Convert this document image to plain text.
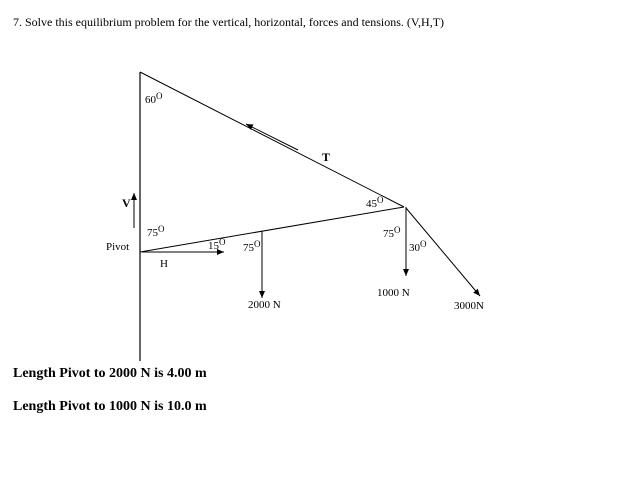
7. Solve this equilibrium problem for the vertical, horizontal, forces and tensions. (V,H,T)
Pivot
V
H
T
$60^O$
$75^O$
$15^O$ $75^O$
$45^O$
$75^O$
$30^O$
2000 N
1000 N
3000N
Length Pivot to 2000 N is 4.00 m
Length Pivot to 1000 N is 10.0 m
